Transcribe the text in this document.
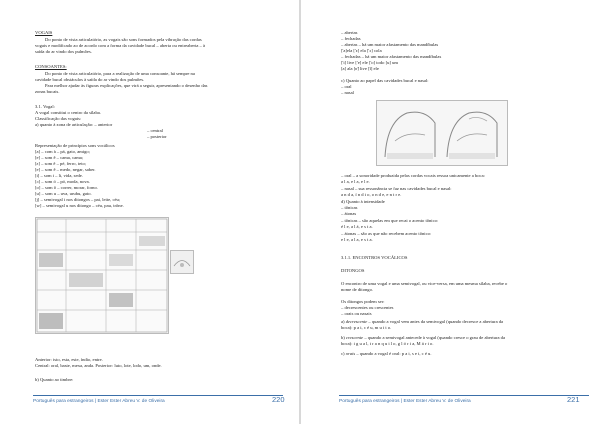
VOGAIS

Do ponto de vista articulatório, as vogais são sons formados pela vibração das cordas

vogais e modificado ao de acordo com a forma da cavidade bucal – aberta ou entreaberta – à

saída do ar vindo dos pulmões.

CONSOANTES:

Do ponto de vista articulatório, para a realização de uma consoante, há sempre na

cavidade bucal obstáculos à saída do ar vindo dos pulmões.

Para melhor ajudar às figuras explicações, que virá a seguir, apresentando o desenho das

zonas bucais.

3.1. Vogal:

A vogal constitui o centro da sílaba.

Classificação das vogais:

a) quanto à zona de articulação: – anterior

– central

– posterior

Representação de princípios sons vocálicos

[a] – com à – pá, gato, amigo;

[e] – som ê – cama, cama;

[ɛ] – som ê – pé, ferro, teto;

[e] – som ê – medo, negar, saber.

[i] – som i – li, vida, sede.

[ɔ] – som ó – pó, moda, nova.

[o] – som ô – correr, morar, forno.

[u] – som u – uva, urubu, gato.

[j] – semivogal i nos ditongos – pai, leite, céu;

[w] – semivogal u nos ditongo – céu, pau, trône.

Anterior: isto, esta, este, índio, entre.

Central: oral, baste, mexa, anda. Posterior: luto, lote, lodo, um, onde.

b) Quanto ao timbre:

Português para estrangeiros | Ester Ester Abreu V. de Oliveira	220

– abertas

– fechadas

– abertas – há um maior afastamento das mandíbulas

['a]ela ['ɛ] ela ['ɔ] cola

– fechadas – há um maior afastamento das mandíbulas

['i] live ['e] ele ['o] todo [u] um

[a] ala [ɐ̃] live [î] ele

c) Quanto ao papel das cavidades bucal e nasal:

– oral

– nasal

– oral – a sonoridade produzida pelas cordas vocais ressoa unicamente a boca:

a l a, e l a, e l e.

– nasal – sua ressonância se faz nas cavidades bucal e nasal:

a n d a, í n d i o, o n d e, e n t r e.

d) Quanto à intensidade

– tônicas

– átonas

– tônicas – são aquelas em que recai o acento tônico:

é l e, a l á, e s t a.

– átonas – são as que não recebem acento tônico:

e l e, a l a, e s t a.

3.1.1. ENCONTROS VOCÁLICOS

DITONGOS

O encontro de uma vogal e uma semivogal, ou vice-versa, em uma mesma sílaba, recebe o

nome de ditongo.

Os ditongos podem ser:

– decrescentes ou crescentes

– orais ou nasais

a) decrescente – quando a vogal vem antes da semivogal (quando decresce a abertura da

boca): p a i, c é u, m u i t o.

b) crescente – quando a semivogal antecede à vogal (quando cresce o grau de abertura da

boca): i g u a l, t r a n q u i l o, g l ó r i a, M á r i o.

c) orais – quando a vogal é oral: p a i, s e i, c é u.

Português para estrangeiros | Ester Ester Abreu V. de Oliveira	221
